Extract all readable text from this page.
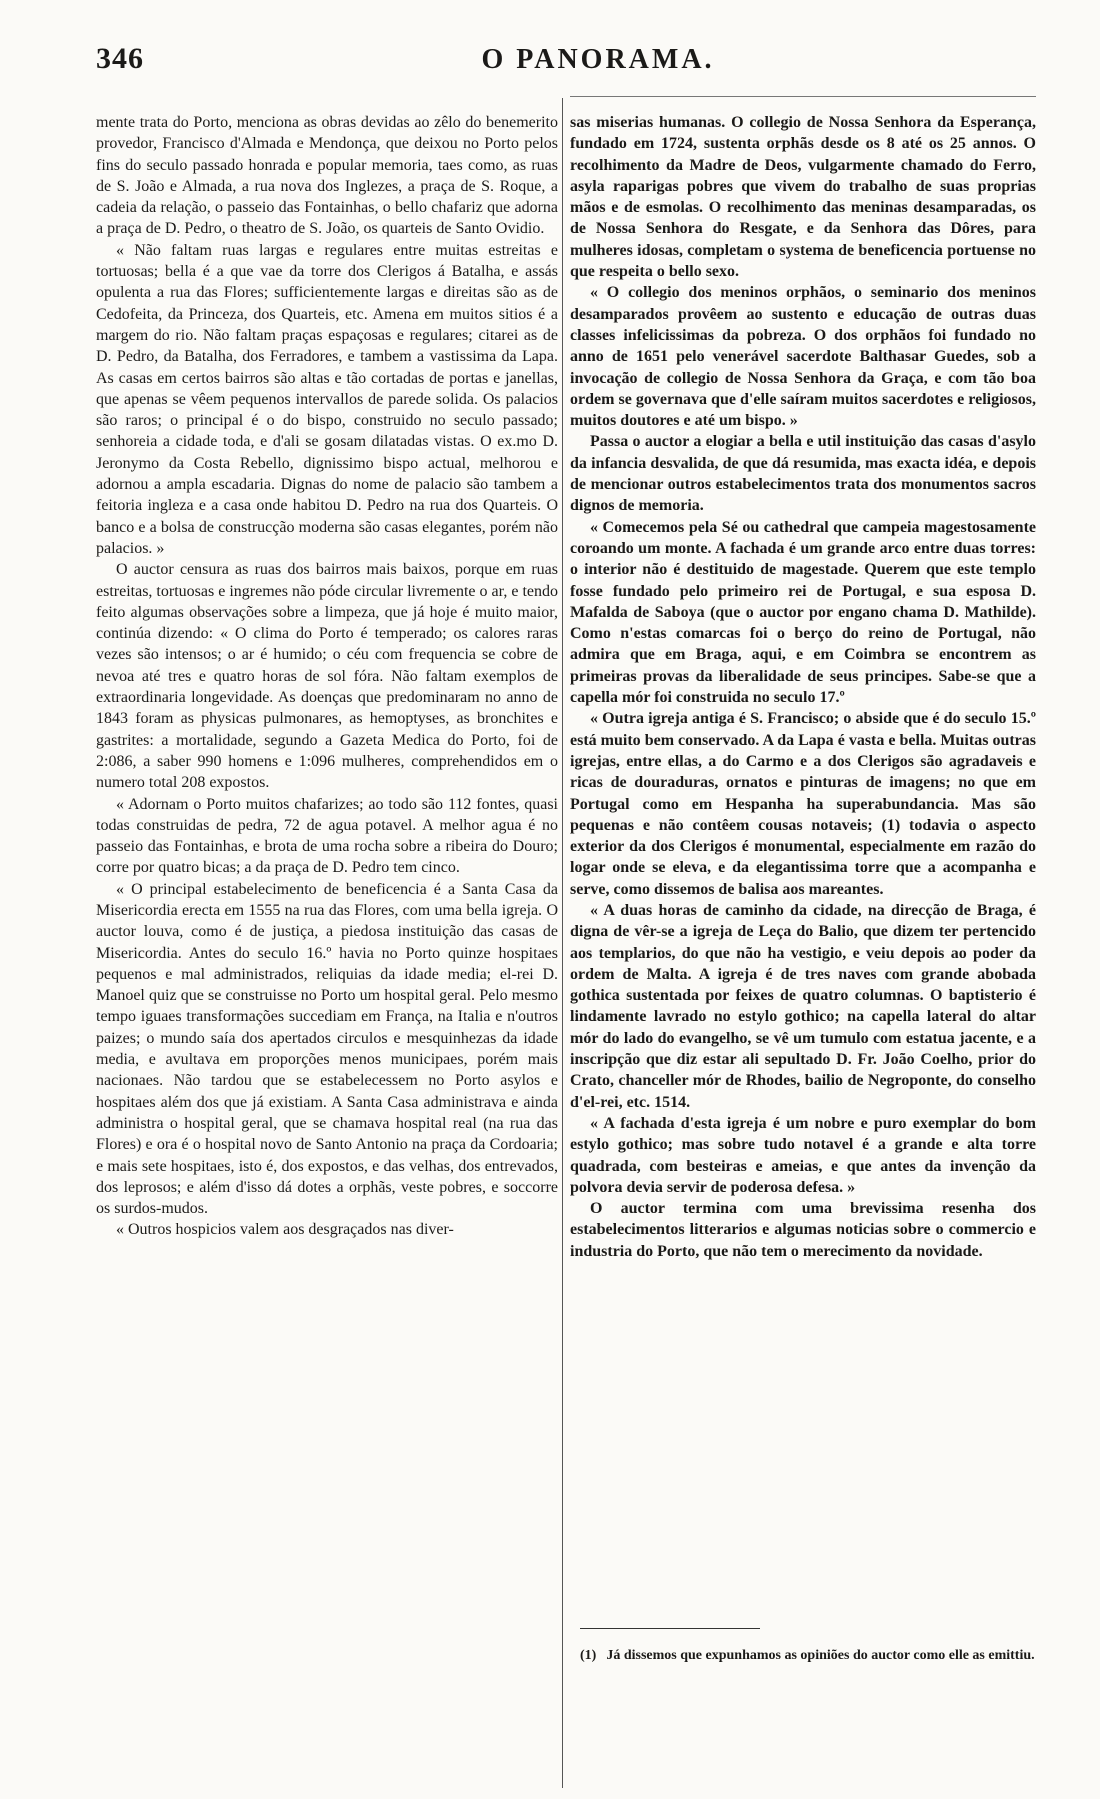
346	O PANORAMA.

mente trata do Porto, menciona as obras devidas ao zêlo do benemerito provedor, Francisco d'Almada e Mendonça, que deixou no Porto pelos fins do seculo passado honrada e popular memoria, taes como, as ruas de S. João e Almada, a rua nova dos Inglezes, a praça de S. Roque, a cadeia da relação, o passeio das Fontainhas, o bello chafariz que adorna a praça de D. Pedro, o theatro de S. João, os quarteis de Santo Ovidio.

« Não faltam ruas largas e regulares entre muitas estreitas e tortuosas; bella é a que vae da torre dos Clerigos á Batalha, e assás opulenta a rua das Flores; sufficientemente largas e direitas são as de Cedofeita, da Princeza, dos Quarteis, etc. Amena em muitos sitios é a margem do rio. Não faltam praças espaçosas e regulares; citarei as de D. Pedro, da Batalha, dos Ferradores, e tambem a vastissima da Lapa. As casas em certos bairros são altas e tão cortadas de portas e janellas, que apenas se vêem pequenos intervallos de parede solida. Os palacios são raros; o principal é o do bispo, construido no seculo passado; senhoreia a cidade toda, e d'ali se gosam dilatadas vistas. O ex.mo D. Jeronymo da Costa Rebello, dignissimo bispo actual, melhorou e adornou a ampla escadaria. Dignas do nome de palacio são tambem a feitoria ingleza e a casa onde habitou D. Pedro na rua dos Quarteis. O banco e a bolsa de construcção moderna são casas elegantes, porém não palacios. »

O auctor censura as ruas dos bairros mais baixos, porque em ruas estreitas, tortuosas e ingremes não póde circular livremente o ar, e tendo feito algumas observações sobre a limpeza, que já hoje é muito maior, continúa dizendo: « O clima do Porto é temperado; os calores raras vezes são intensos; o ar é humido; o céu com frequencia se cobre de nevoa até tres e quatro horas de sol fóra. Não faltam exemplos de extraordinaria longevidade. As doenças que predominaram no anno de 1843 foram as physicas pulmonares, as hemoptyses, as bronchites e gastrites: a mortalidade, segundo a Gazeta Medica do Porto, foi de 2:086, a saber 990 homens e 1:096 mulheres, comprehendidos em o numero total 208 expostos.

« Adornam o Porto muitos chafarizes; ao todo são 112 fontes, quasi todas construidas de pedra, 72 de agua potavel. A melhor agua é no passeio das Fontainhas, e brota de uma rocha sobre a ribeira do Douro; corre por quatro bicas; a da praça de D. Pedro tem cinco.

« O principal estabelecimento de beneficencia é a Santa Casa da Misericordia erecta em 1555 na rua das Flores, com uma bella igreja. O auctor louva, como é de justiça, a piedosa instituição das casas de Misericordia. Antes do seculo 16.º havia no Porto quinze hospitaes pequenos e mal administrados, reliquias da idade media; el-rei D. Manoel quiz que se construisse no Porto um hospital geral. Pelo mesmo tempo iguaes transformações succediam em França, na Italia e n'outros paizes; o mundo saía dos apertados circulos e mesquinhezas da idade media, e avultava em proporções menos municipaes, porém mais nacionaes. Não tardou que se estabelecessem no Porto asylos e hospitaes além dos que já existiam. A Santa Casa administrava e ainda administra o hospital geral, que se chamava hospital real (na rua das Flores) e ora é o hospital novo de Santo Antonio na praça da Cordoaria; e mais sete hospitaes, isto é, dos expostos, e das velhas, dos entrevados, dos leprosos; e além d'isso dá dotes a orphãs, veste pobres, e soccorre os surdos-mudos.

« Outros hospicios valem aos desgraçados nas diver-

sas miserias humanas. O collegio de Nossa Senhora da Esperança, fundado em 1724, sustenta orphãs desde os 8 até os 25 annos. O recolhimento da Madre de Deos, vulgarmente chamado do Ferro, asyla raparigas pobres que vivem do trabalho de suas proprias mãos e de esmolas. O recolhimento das meninas desamparadas, os de Nossa Senhora do Resgate, e da Senhora das Dôres, para mulheres idosas, completam o systema de beneficencia portuense no que respeita o bello sexo.

« O collegio dos meninos orphãos, o seminario dos meninos desamparados provêem ao sustento e educação de outras duas classes infelicissimas da pobreza. O dos orphãos foi fundado no anno de 1651 pelo venerável sacerdote Balthasar Guedes, sob a invocação de collegio de Nossa Senhora da Graça, e com tão boa ordem se governava que d'elle saíram muitos sacerdotes e religiosos, muitos doutores e até um bispo. »

Passa o auctor a elogiar a bella e util instituição das casas d'asylo da infancia desvalida, de que dá resumida, mas exacta idéa, e depois de mencionar outros estabelecimentos trata dos monumentos sacros dignos de memoria.

« Comecemos pela Sé ou cathedral que campeia magestosamente coroando um monte. A fachada é um grande arco entre duas torres: o interior não é destituido de magestade. Querem que este templo fosse fundado pelo primeiro rei de Portugal, e sua esposa D. Mafalda de Saboya (que o auctor por engano chama D. Mathilde). Como n'estas comarcas foi o berço do reino de Portugal, não admira que em Braga, aqui, e em Coimbra se encontrem as primeiras provas da liberalidade de seus principes. Sabe-se que a capella mór foi construida no seculo 17.º

« Outra igreja antiga é S. Francisco; o abside que é do seculo 15.º está muito bem conservado. A da Lapa é vasta e bella. Muitas outras igrejas, entre ellas, a do Carmo e a dos Clerigos são agradaveis e ricas de douraduras, ornatos e pinturas de imagens; no que em Portugal como em Hespanha ha superabundancia. Mas são pequenas e não contêem cousas notaveis; (1) todavia o aspecto exterior da dos Clerigos é monumental, especialmente em razão do logar onde se eleva, e da elegantissima torre que a acompanha e serve, como dissemos de balisa aos mareantes.

« A duas horas de caminho da cidade, na direcção de Braga, é digna de vêr-se a igreja de Leça do Balio, que dizem ter pertencido aos templarios, do que não ha vestigio, e veiu depois ao poder da ordem de Malta. A igreja é de tres naves com grande abobada gothica sustentada por feixes de quatro columnas. O baptisterio é lindamente lavrado no estylo gothico; na capella lateral do altar mór do lado do evangelho, se vê um tumulo com estatua jacente, e a inscripção que diz estar ali sepultado D. Fr. João Coelho, prior do Crato, chanceller mór de Rhodes, bailio de Negroponte, do conselho d'el-rei, etc. 1514.

« A fachada d'esta igreja é um nobre e puro exemplar do bom estylo gothico; mas sobre tudo notavel é a grande e alta torre quadrada, com besteiras e ameias, e que antes da invenção da polvora devia servir de poderosa defesa. »

O auctor termina com uma brevissima resenha dos estabelecimentos litterarios e algumas noticias sobre o commercio e industria do Porto, que não tem o merecimento da novidade.

(1) Já dissemos que expunhamos as opiniões do auctor como elle as emittiu.
